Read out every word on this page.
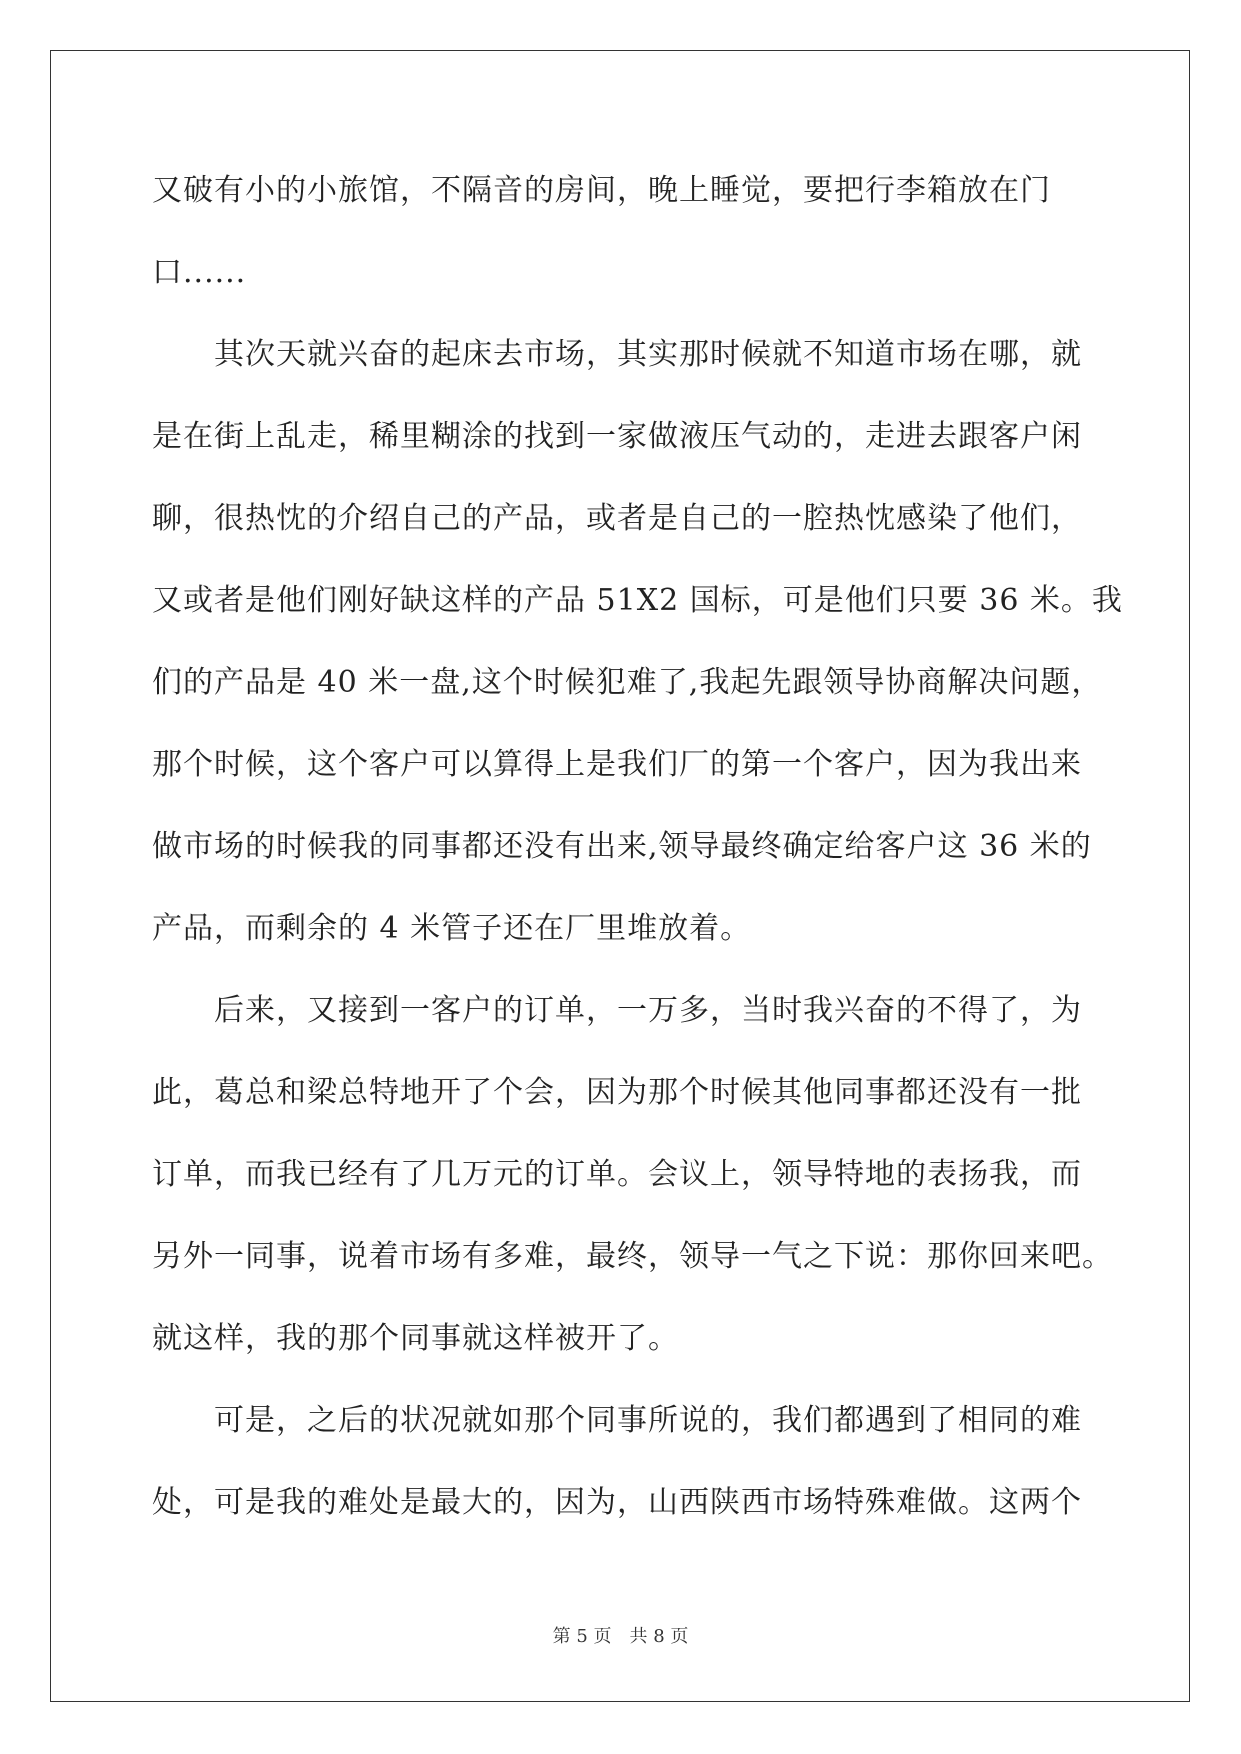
又破有小的小旅馆，不隔音的房间，晚上睡觉，要把行李箱放在门
口......
　　其次天就兴奋的起床去市场，其实那时候就不知道市场在哪，就
是在街上乱走，稀里糊涂的找到一家做液压气动的，走进去跟客户闲
聊，很热忱的介绍自己的产品，或者是自己的一腔热忱感染了他们，
又或者是他们刚好缺这样的产品 51X2 国标，可是他们只要 36 米。我
们的产品是 40 米一盘,这个时候犯难了,我起先跟领导协商解决问题，
那个时候，这个客户可以算得上是我们厂的第一个客户，因为我出来
做市场的时候我的同事都还没有出来,领导最终确定给客户这 36 米的
产品，而剩余的 4 米管子还在厂里堆放着。
　　后来，又接到一客户的订单，一万多，当时我兴奋的不得了，为
此，葛总和梁总特地开了个会，因为那个时候其他同事都还没有一批
订单，而我已经有了几万元的订单。会议上，领导特地的表扬我，而
另外一同事，说着市场有多难，最终，领导一气之下说：那你回来吧。
就这样，我的那个同事就这样被开了。
　　可是，之后的状况就如那个同事所说的，我们都遇到了相同的难
处，可是我的难处是最大的，因为，山西陕西市场特殊难做。这两个
第 5 页　共 8 页
